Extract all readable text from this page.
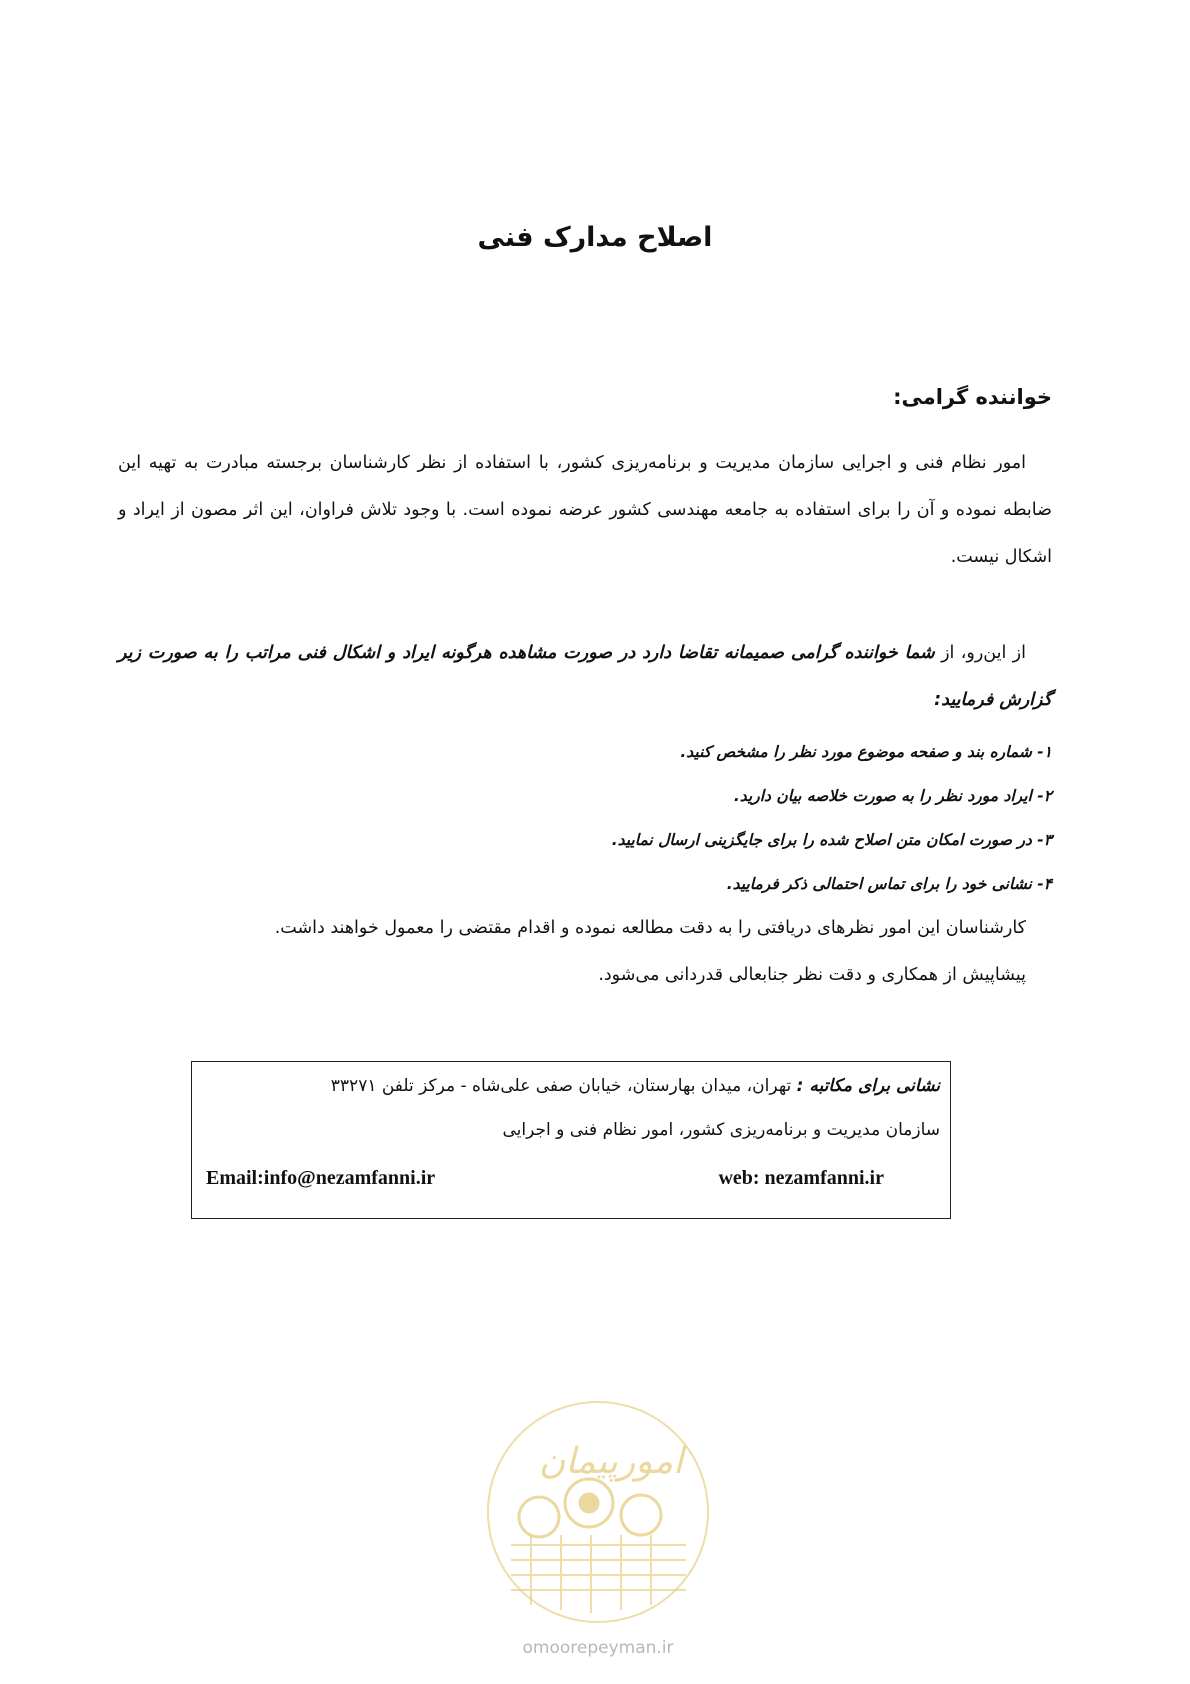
اصلاح مدارک فنی

خواننده گرامی:

امور نظام فنی و اجرایی سازمان مدیریت و برنامه‌ریزی کشور، با استفاده از نظر کارشناسان برجسته مبادرت به تهیه این ضابطه نموده و آن را برای استفاده به جامعه مهندسی کشور عرضه نموده است. با وجود تلاش فراوان، این اثر مصون از ایراد و اشکال نیست.

از این‌رو، از شما خواننده گرامی صمیمانه تقاضا دارد در صورت مشاهده هرگونه ایراد و اشکال فنی مراتب را به صورت زیر گزارش فرمایید:

۱- شماره بند و صفحه موضوع مورد نظر را مشخص کنید.
۲- ایراد مورد نظر را به صورت خلاصه بیان دارید.
۳- در صورت امکان متن اصلاح شده را برای جایگزینی ارسال نمایید.
۴- نشانی خود را برای تماس احتمالی ذکر فرمایید.

کارشناسان این امور نظرهای دریافتی را به دقت مطالعه نموده و اقدام مقتضی را معمول خواهند داشت.

پیشاپیش از همکاری و دقت نظر جنابعالی قدردانی می‌شود.

نشانی برای مکاتبه : تهران، میدان بهارستان، خیابان صفی علی‌شاه - مرکز تلفن ۳۳۲۷۱
سازمان مدیریت و برنامه‌ریزی کشور، امور نظام فنی و اجرایی
Email:info@nezamfanni.ir	web: nezamfanni.ir
امورپیمان
omoorepeyman.ir
